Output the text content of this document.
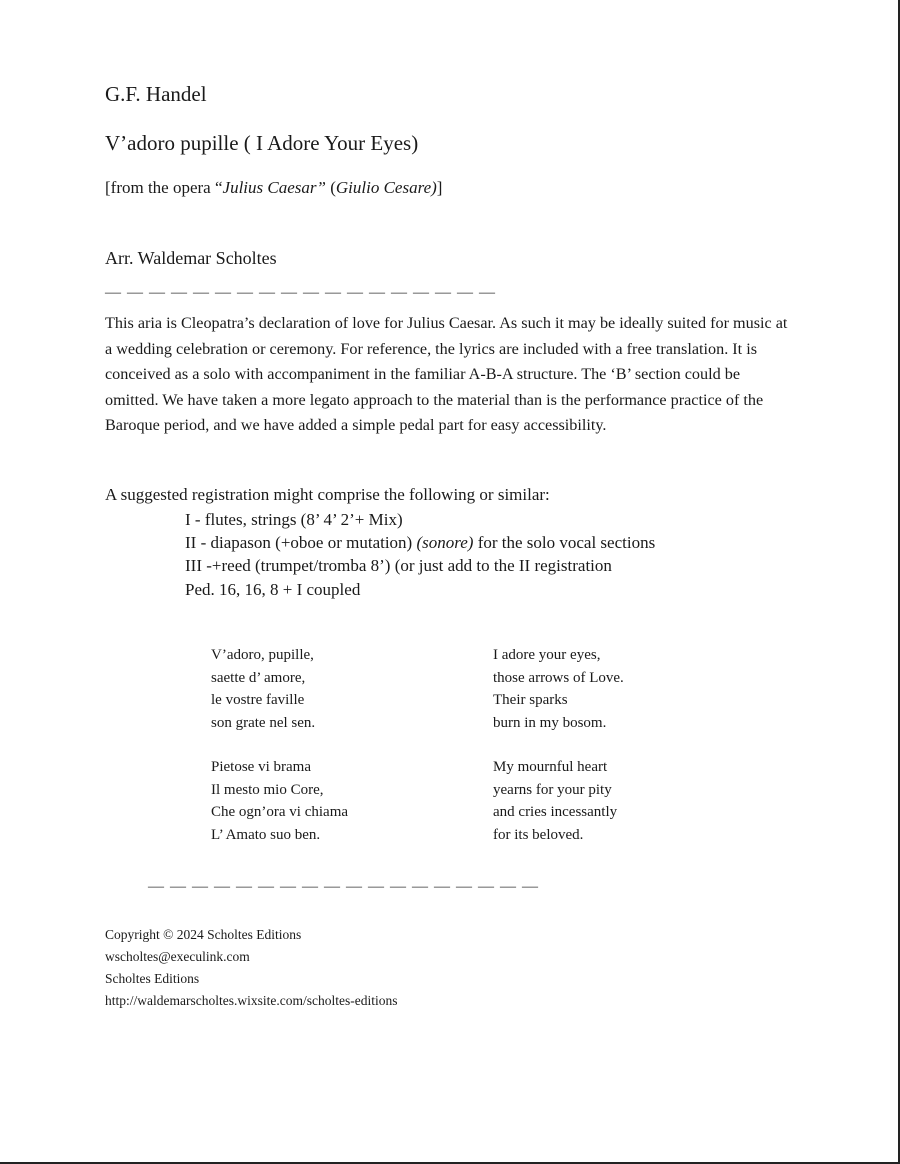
G.F. Handel
V’adoro pupille ( I Adore Your Eyes)
[from the opera “Julius Caesar” (Giulio Cesare)]
Arr. Waldemar Scholtes
— — — — — — — — — — — — — — — — — —
This aria is Cleopatra’s declaration of love for Julius Caesar. As such it may be ideally suited for music at a wedding celebration or ceremony. For reference, the lyrics are included with a free translation. It is conceived as a solo with accompaniment in the familiar A-B-A structure. The ‘B’ section could be omitted. We have taken a more legato approach to the material than is the performance practice of the Baroque period, and we have added a simple pedal part for easy accessibility.
A suggested registration might comprise the following or similar:
I - flutes, strings (8’ 4’ 2’+ Mix)
II - diapason (+oboe or mutation) (sonore) for the solo vocal sections
III -+reed (trumpet/tromba 8’) (or just add to the II registration
Ped. 16, 16, 8 + I coupled
V’adoro, pupille,
saette d’ amore,
le vostre faville
son grate nel sen.
I adore your eyes,
those arrows of Love.
Their sparks
burn in my bosom.
Pietose vi brama
Il mesto mio Core,
Che ogn’ora vi chiama
L’ Amato suo ben.
My mournful heart
yearns for your pity
and cries incessantly
for its beloved.
— — — — — — — — — — — — — — — — — —
Copyright © 2024 Scholtes Editions
wscholtes@execulink.com
Scholtes Editions
http://waldemarscholtes.wixsite.com/scholtes-editions
